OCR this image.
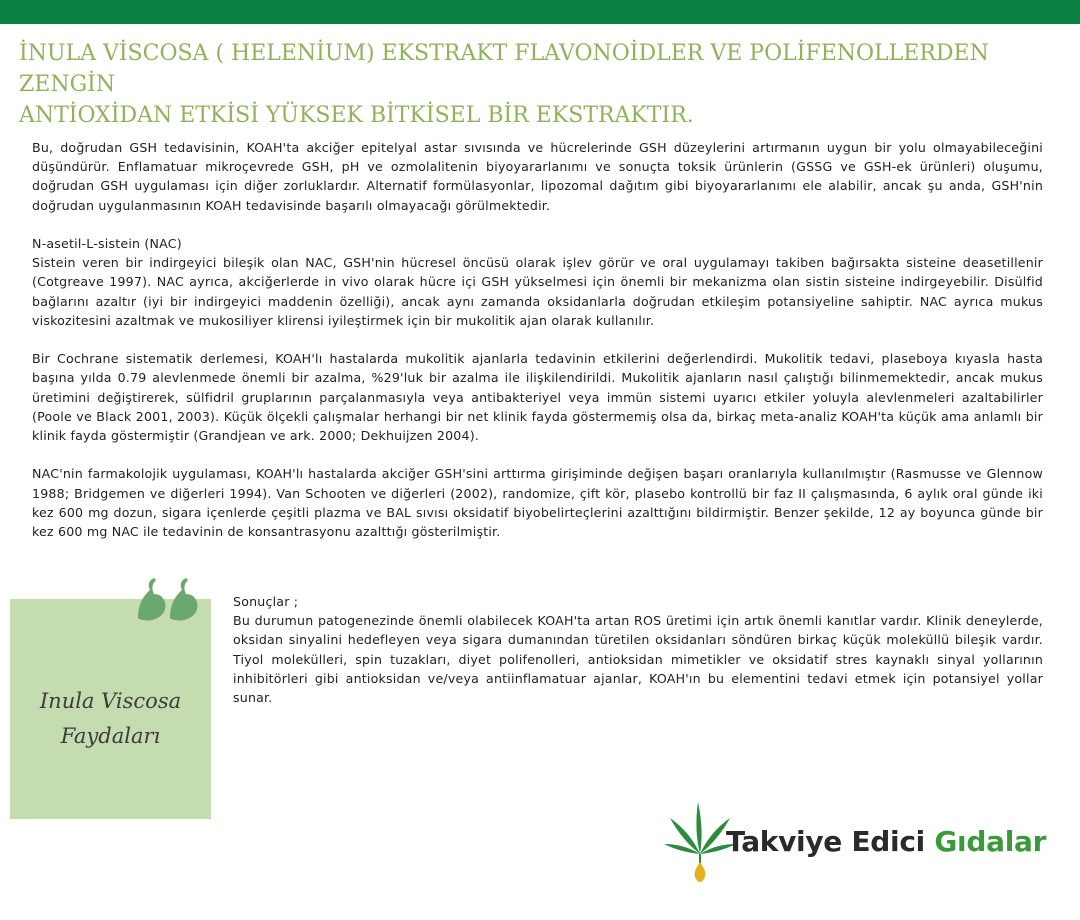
İNULA VİSCOSA ( HELENİUM) EKSTRAKT FLAVONOİDLER VE POLİFENOLLERDEN ZENGİN
ANTİOXİDAN ETKİSİ YÜKSEK BİTKİSEL BİR EKSTRAKTIR.

Bu, doğrudan GSH tedavisinin, KOAH'ta akciğer epitelyal astar sıvısında ve hücrelerinde GSH düzeylerini artırmanın uygun bir yolu olmayabileceğini düşündürür. Enflamatuar mikroçevrede GSH, pH ve ozmolalitenin biyoyararlanımı ve sonuçta toksik ürünlerin (GSSG ve GSH-ek ürünleri) oluşumu, doğrudan GSH uygulaması için diğer zorluklardır. Alternatif formülasyonlar, lipozomal dağıtım gibi biyoyararlanımı ele alabilir, ancak şu anda, GSH'nin doğrudan uygulanmasının KOAH tedavisinde başarılı olmayacağı görülmektedir.

N-asetil-L-sistein (NAC)
Sistein veren bir indirgeyici bileşik olan NAC, GSH'nin hücresel öncüsü olarak işlev görür ve oral uygulamayı takiben bağırsakta sisteine deasetillenir (Cotgreave 1997). NAC ayrıca, akciğerlerde in vivo olarak hücre içi GSH yükselmesi için önemli bir mekanizma olan sistin sisteine indirgeyebilir. Disülfid bağlarını azaltır (iyi bir indirgeyici maddenin özelliği), ancak aynı zamanda oksidanlarla doğrudan etkileşim potansiyeline sahiptir. NAC ayrıca mukus viskozitesini azaltmak ve mukosiliyer klirensi iyileştirmek için bir mukolitik ajan olarak kullanılır.

Bir Cochrane sistematik derlemesi, KOAH'lı hastalarda mukolitik ajanlarla tedavinin etkilerini değerlendirdi. Mukolitik tedavi, plaseboya kıyasla hasta başına yılda 0.79 alevlenmede önemli bir azalma, %29'luk bir azalma ile ilişkilendirildi. Mukolitik ajanların nasıl çalıştığı bilinmemektedir, ancak mukus üretimini değiştirerek, sülfidril gruplarının parçalanmasıyla veya antibakteriyel veya immün sistemi uyarıcı etkiler yoluyla alevlenmeleri azaltabilirler (Poole ve Black 2001, 2003). Küçük ölçekli çalışmalar herhangi bir net klinik fayda göstermemiş olsa da, birkaç meta-analiz KOAH'ta küçük ama anlamlı bir klinik fayda göstermiştir (Grandjean ve ark. 2000; Dekhuijzen 2004).

NAC'nin farmakolojik uygulaması, KOAH'lı hastalarda akciğer GSH'sini arttırma girişiminde değişen başarı oranlarıyla kullanılmıştır (Rasmusse ve Glennow 1988; Bridgemen ve diğerleri 1994). Van Schooten ve diğerleri (2002), randomize, çift kör, plasebo kontrollü bir faz II çalışmasında, 6 aylık oral günde iki kez 600 mg dozun, sigara içenlerde çeşitli plazma ve BAL sıvısı oksidatif biyobelirteçlerini azalttığını bildirmiştir. Benzer şekilde, 12 ay boyunca günde bir kez 600 mg NAC ile tedavinin de konsantrasyonu azalttığı gösterilmiştir.

Inula Viscosa
Faydaları

Sonuçlar ;

Bu durumun patogenezinde önemli olabilecek KOAH'ta artan ROS üretimi için artık önemli kanıtlar vardır. Klinik deneylerde, oksidan sinyalini hedefleyen veya sigara dumanından türetilen oksidanları söndüren birkaç küçük moleküllü bileşik vardır. Tiyol molekülleri, spin tuzakları, diyet polifenolleri, antioksidan mimetikler ve oksidatif stres kaynaklı sinyal yollarının inhibitörleri gibi antioksidan ve/veya antiinflamatuar ajanlar, KOAH'ın bu elementini tedavi etmek için potansiyel yollar sunar.

Takviye Edici Gıdalar
